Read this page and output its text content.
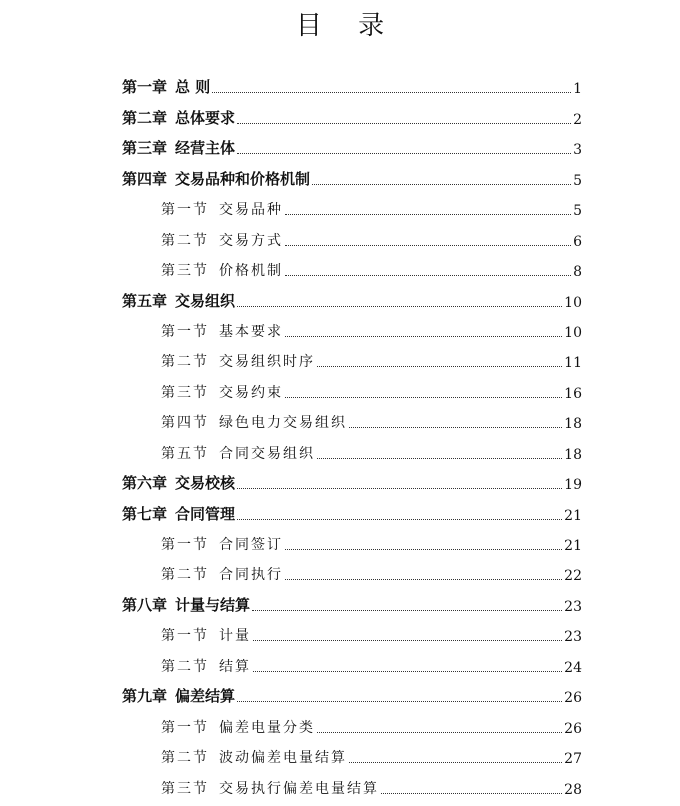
目 录
第一章 总 则	1
第二章 总体要求	2
第三章 经营主体	3
第四章 交易品种和价格机制	5
第一节 交易品种	5
第二节 交易方式	6
第三节 价格机制	8
第五章 交易组织	10
第一节 基本要求	10
第二节 交易组织时序	11
第三节 交易约束	16
第四节 绿色电力交易组织	18
第五节 合同交易组织	18
第六章 交易校核	19
第七章 合同管理	21
第一节 合同签订	21
第二节 合同执行	22
第八章 计量与结算	23
第一节 计量	23
第二节 结算	24
第九章 偏差结算	26
第一节 偏差电量分类	26
第二节 波动偏差电量结算	27
第三节 交易执行偏差电量结算	28
